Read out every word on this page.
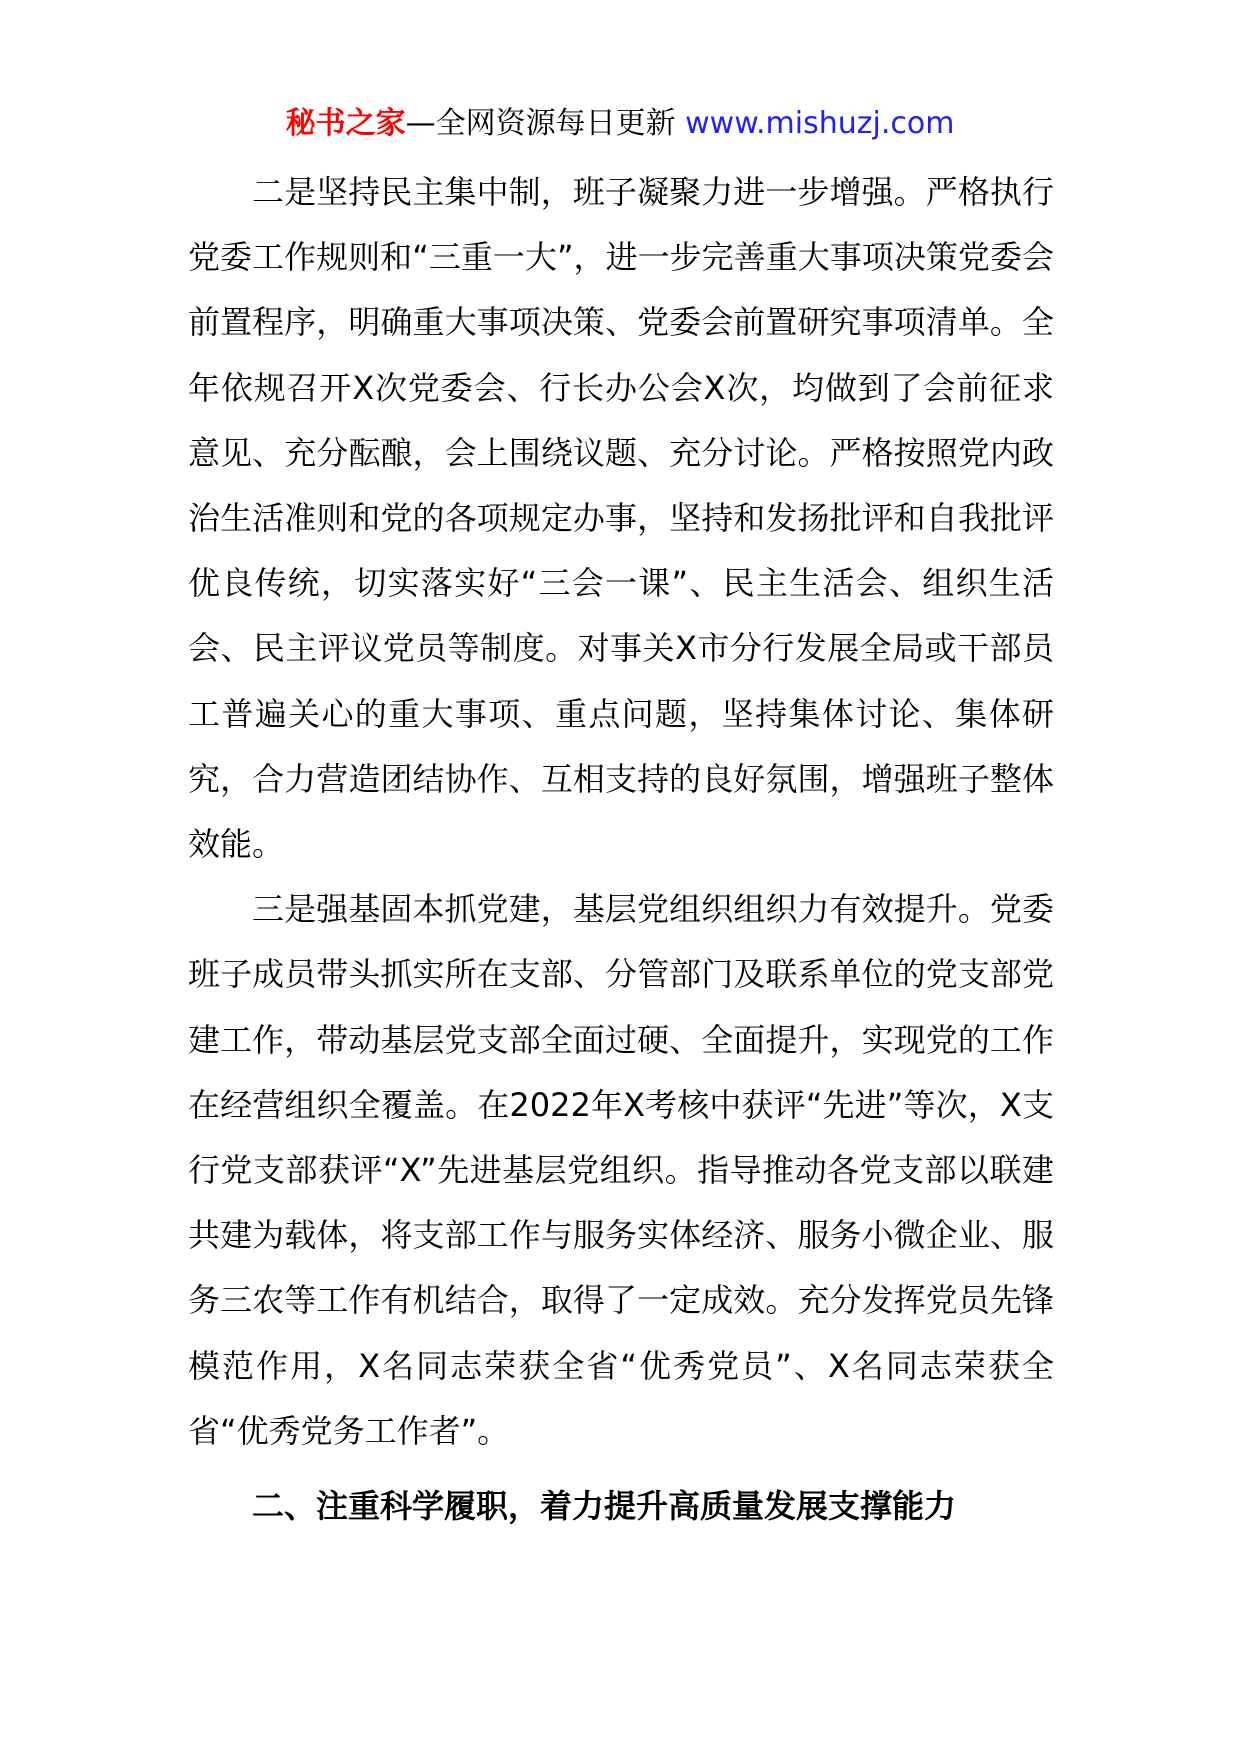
秘书之家—全网资源每日更新 www.mishuzj.com

二是坚持民主集中制，班子凝聚力进一步增强。严格执行党委工作规则和“三重一大”，进一步完善重大事项决策党委会前置程序，明确重大事项决策、党委会前置研究事项清单。全年依规召开X次党委会、行长办公会X次，均做到了会前征求意见、充分酝酿，会上围绕议题、充分讨论。严格按照党内政治生活准则和党的各项规定办事，坚持和发扬批评和自我批评优良传统，切实落实好“三会一课”、民主生活会、组织生活会、民主评议党员等制度。对事关X市分行发展全局或干部员工普遍关心的重大事项、重点问题，坚持集体讨论、集体研究，合力营造团结协作、互相支持的良好氛围，增强班子整体效能。

三是强基固本抓党建，基层党组织组织力有效提升。党委班子成员带头抓实所在支部、分管部门及联系单位的党支部党建工作，带动基层党支部全面过硬、全面提升，实现党的工作在经营组织全覆盖。在2022年X考核中获评“先进”等次，X支行党支部获评“X”先进基层党组织。指导推动各党支部以联建共建为载体，将支部工作与服务实体经济、服务小微企业、服务三农等工作有机结合，取得了一定成效。充分发挥党员先锋模范作用，X名同志荣获全省“优秀党员”、X名同志荣获全省“优秀党务工作者”。

二、注重科学履职，着力提升高质量发展支撑能力
